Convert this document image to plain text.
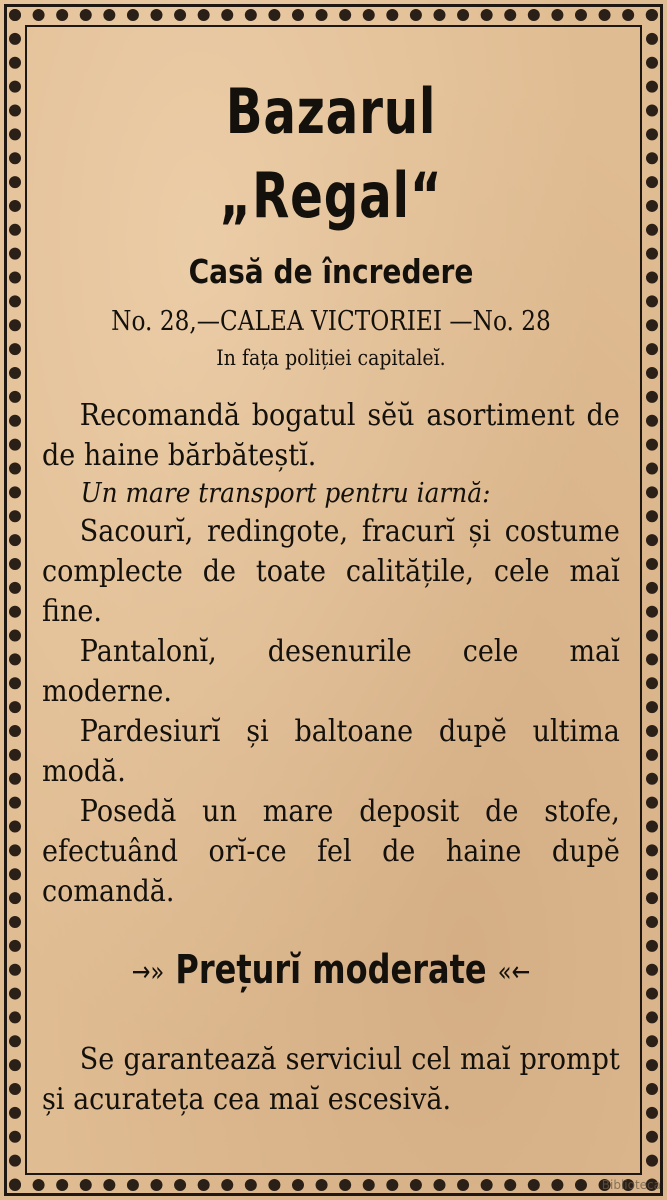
Bazarul „Regal“
Casă de încredere
No. 28,—CALEA VICTORIEI —No. 28
In fața poliției capitaleĭ.

Recomandă bogatul sĕŭ asortiment de de haine bărbăteștĭ.

Un mare transport pentru iarnă:

Sacourĭ, redingote, fracurĭ și costume complecte de toate calitățile, cele maĭ fine.

Pantalonĭ, desenurile cele maĭ moderne.

Pardesiurĭ și baltoane dupĕ ultima modă.

Posedă un mare deposit de stofe, efectuând orĭ-ce fel de haine dupĕ comandă.

→» Prețurĭ moderate «←

Se garantează serviciul cel maĭ prompt și acurateța cea maĭ escesivă.

Biblioteca
